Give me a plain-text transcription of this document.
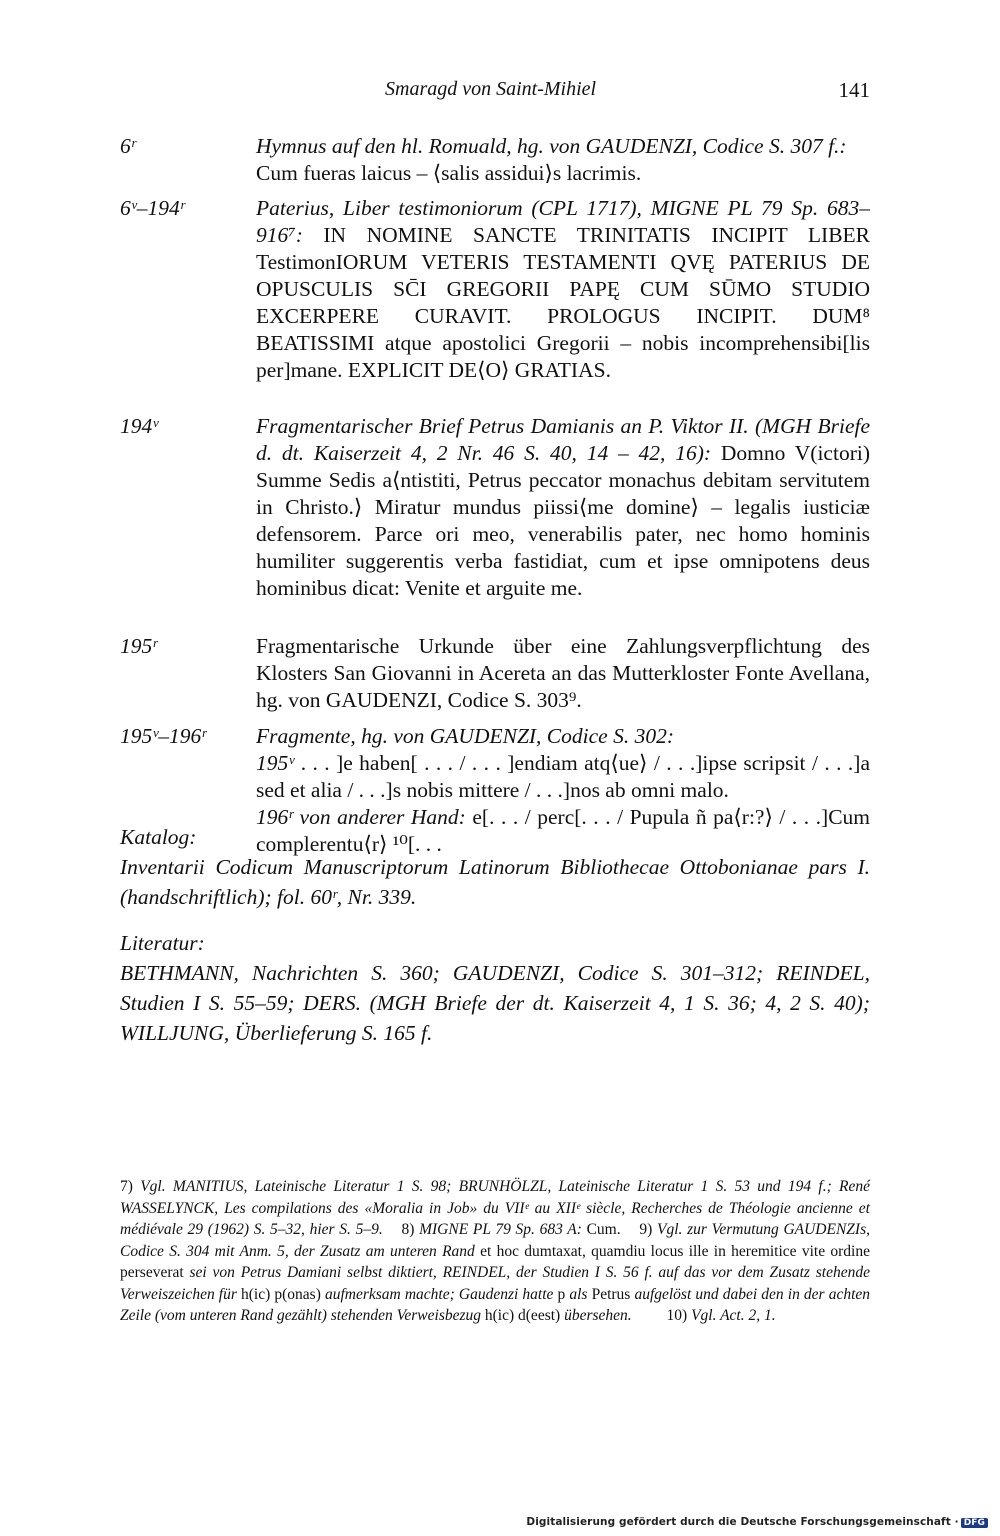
Smaragd von Saint-Mihiel	141
6ʳ	Hymnus auf den hl. Romuald, hg. von GAUDENZI, Codice S. 307 f.:
Cum fueras laicus – ⟨salis assidui⟩s lacrimis.
6ᵛ–194ʳ	Paterius, Liber testimoniorum (CPL 1717), MIGNE PL 79 Sp. 683–916⁷: IN NOMINE SANCTE TRINITATIS INCIPIT LIBER TestimonIORUM VETERIS TESTAMENTI QVĘ PATERIUS DE OPUSCULIS SC̄I GREGORII PAPĘ CUM SŪMO STUDIO EXCERPERE CURAVIT. PROLOGUS INCIPIT. DUM⁸ BEATISSIMI atque apostolici Gregorii – nobis incomprehensibi[lis per]mane. EXPLICIT DE⟨O⟩ GRATIAS.
194ᵛ	Fragmentarischer Brief Petrus Damianis an P. Viktor II. (MGH Briefe d. dt. Kaiserzeit 4, 2 Nr. 46 S. 40, 14 – 42, 16): Domno V(ictori) Summe Sedis a⟨ntistiti, Petrus peccator monachus debitam servitutem in Christo.⟩ Miratur mundus piissi⟨me domine⟩ – legalis iusticiæ defensorem. Parce ori meo, venerabilis pater, nec homo hominis humiliter suggerentis verba fastidiat, cum et ipse omnipotens deus hominibus dicat: Venite et arguite me.
195ʳ	Fragmentarische Urkunde über eine Zahlungsverpflichtung des Klosters San Giovanni in Acereta an das Mutterkloster Fonte Avellana, hg. von GAUDENZI, Codice S. 303⁹.
195ᵛ–196ʳ	Fragmente, hg. von GAUDENZI, Codice S. 302:
195ᵛ . . . ]e haben[ . . . / . . . ]endiam atq⟨ue⟩ / . . .]ipse scripsit / . . .]a sed et alia / . . .]s nobis mittere / . . .]nos ab omni malo.
196ʳ von anderer Hand: e[. . . / perc[. . . / Pupula ñ pa⟨r:?⟩ / . . .]Cum complerentu⟨r⟩ ¹⁰[. . .
Katalog:
Inventarii Codicum Manuscriptorum Latinorum Bibliothecae Ottobonianae pars I. (handschriftlich); fol. 60ʳ, Nr. 339.
Literatur:
BETHMANN, Nachrichten S. 360; GAUDENZI, Codice S. 301–312; REINDEL, Studien I S. 55–59; DERS. (MGH Briefe der dt. Kaiserzeit 4, 1 S. 36; 4, 2 S. 40); WILLJUNG, Überlieferung S. 165 f.
7) Vgl. MANITIUS, Lateinische Literatur 1 S. 98; BRUNHÖLZL, Lateinische Literatur 1 S. 53 und 194 f.; René WASSELYNCK, Les compilations des «Moralia in Job» du VIIᵉ au XIIᵉ siècle, Recherches de Théologie ancienne et médiévale 29 (1962) S. 5–32, hier S. 5–9. 8) MIGNE PL 79 Sp. 683 A: Cum. 9) Vgl. zur Vermutung GAUDENZIs, Codice S. 304 mit Anm. 5, der Zusatz am unteren Rand et hoc dumtaxat, quamdiu locus ille in heremitice vite ordine perseverat sei von Petrus Damiani selbst diktiert, REINDEL, der Studien I S. 56 f. auf das vor dem Zusatz stehende Verweiszeichen für h(ic) p(onas) aufmerksam machte; Gaudenzi hatte p als Petrus aufgelöst und dabei den in der achten Zeile (vom unteren Rand gezählt) stehenden Verweisbezug h(ic) d(eest) übersehen. 10) Vgl. Act. 2, 1.
Digitalisierung gefördert durch die Deutsche Forschungsgemeinschaft · DFG
